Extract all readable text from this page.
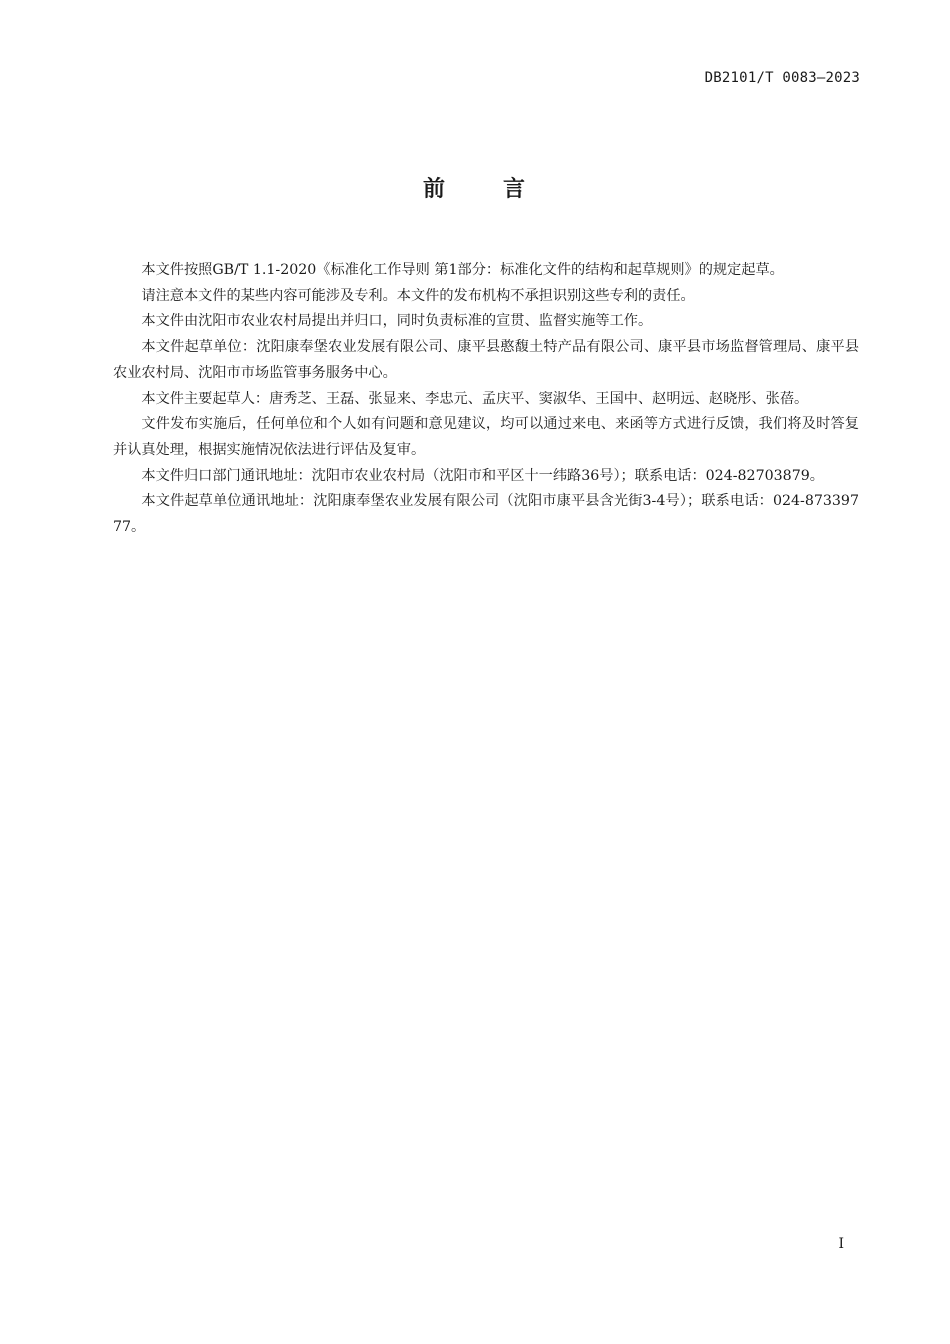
DB2101/T 0083—2023
前	言

本文件按照GB/T 1.1-2020《标准化工作导则 第1部分：标准化文件的结构和起草规则》的规定起草。

请注意本文件的某些内容可能涉及专利。本文件的发布机构不承担识别这些专利的责任。

本文件由沈阳市农业农村局提出并归口，同时负责标准的宣贯、监督实施等工作。

本文件起草单位：沈阳康奉堡农业发展有限公司、康平县憨馥土特产品有限公司、康平县市场监督管理局、康平县农业农村局、沈阳市市场监管事务服务中心。

本文件主要起草人：唐秀芝、王磊、张显来、李忠元、孟庆平、窦淑华、王国中、赵明远、赵晓彤、张蓓。

文件发布实施后，任何单位和个人如有问题和意见建议，均可以通过来电、来函等方式进行反馈，我们将及时答复并认真处理，根据实施情况依法进行评估及复审。

本文件归口部门通讯地址：沈阳市农业农村局（沈阳市和平区十一纬路36号）；联系电话：024-82703879。

本文件起草单位通讯地址：沈阳康奉堡农业发展有限公司（沈阳市康平县含光街3-4号）；联系电话：024-87339777。

I
